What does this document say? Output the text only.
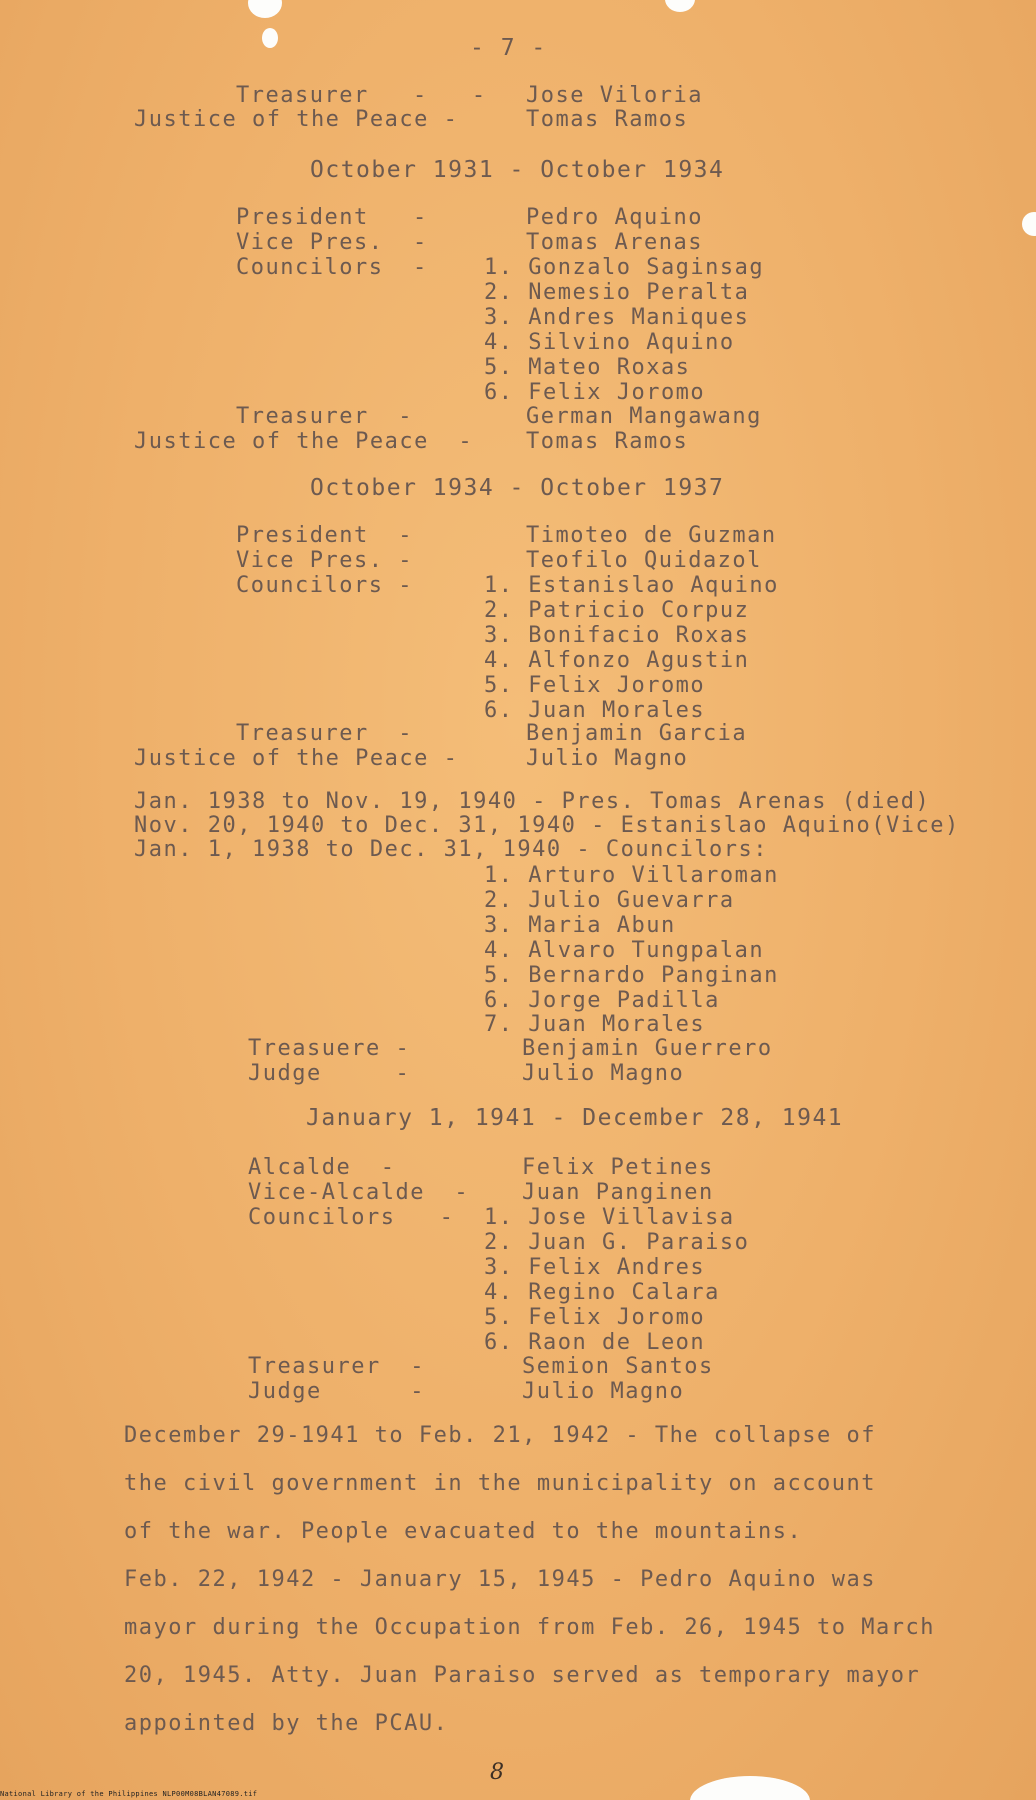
- 7 -
Treasurer   -   - Jose Viloria
Justice of the Peace -	Tomas Ramos
October 1931 - October 1934
President   -	Pedro Aquino
Vice Pres.  -	Tomas Arenas
Councilors  -	1. Gonzalo Saginsag
2. Nemesio Peralta
3. Andres Maniques
4. Silvino Aquino
5. Mateo Roxas
6. Felix Joromo
Treasurer  -	German Mangawang
Justice of the Peace  - Tomas Ramos
October 1934 - October 1937
President  -	Timoteo de Guzman
Vice Pres. -	Teofilo Quidazol
Councilors -	1. Estanislao Aquino
2. Patricio Corpuz
3. Bonifacio Roxas
4. Alfonzo Agustin
5. Felix Joromo
6. Juan Morales
Treasurer  -	Benjamin Garcia
Justice of the Peace -	Julio Magno
Jan. 1938 to Nov. 19, 1940 - Pres. Tomas Arenas (died)
Nov. 20, 1940 to Dec. 31, 1940 - Estanislao Aquino(Vice)
Jan. 1, 1938 to Dec. 31, 1940 - Councilors:
1. Arturo Villaroman
2. Julio Guevarra
3. Maria Abun
4. Alvaro Tungpalan
5. Bernardo Panginan
6. Jorge Padilla
7. Juan Morales
Treasuere -	Benjamin Guerrero
Judge     -	Julio Magno
January 1, 1941 - December 28, 1941
Alcalde  -	Felix Petines
Vice-Alcalde  - Juan Panginen
Councilors   - 1. Jose Villavisa
2. Juan G. Paraiso
3. Felix Andres
4. Regino Calara
5. Felix Joromo
6. Raon de Leon
Treasurer  -	Semion Santos
Judge      -	Julio Magno
December 29-1941 to Feb. 21, 1942 - The collapse of
the civil government in the municipality on account
of the war. People evacuated to the mountains.
Feb. 22, 1942 - January 15, 1945 - Pedro Aquino was
mayor during the Occupation from Feb. 26, 1945 to March
20, 1945. Atty. Juan Paraiso served as temporary mayor
appointed by the PCAU.
8
National Library of the Philippines NLP00M08BLAN47089.tif
